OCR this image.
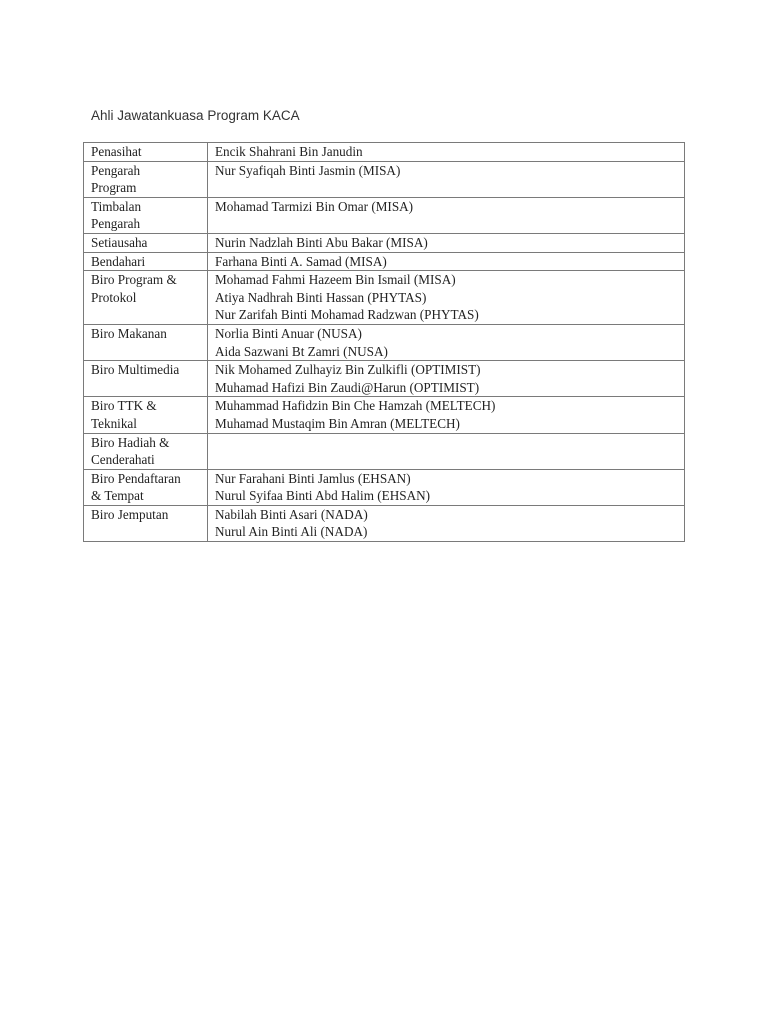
Ahli Jawatankuasa Program KACA
Penasihat	Encik Shahrani Bin Janudin

Pengarah
Program	Nur Syafiqah Binti Jasmin (MISA)

Timbalan
Pengarah	Mohamad Tarmizi Bin Omar (MISA)

Setiausaha	Nurin Nadzlah Binti Abu Bakar (MISA)

Bendahari	Farhana Binti A. Samad (MISA)

Biro Program &
Protokol	Mohamad Fahmi Hazeem Bin Ismail (MISA)
Atiya Nadhrah Binti Hassan (PHYTAS)
Nur Zarifah Binti Mohamad Radzwan (PHYTAS)

Biro Makanan	Norlia Binti Anuar (NUSA)
Aida Sazwani Bt Zamri (NUSA)

Biro Multimedia	Nik Mohamed Zulhayiz Bin Zulkifli (OPTIMIST)
Muhamad Hafizi Bin Zaudi@Harun (OPTIMIST)

Biro TTK &
Teknikal	Muhammad Hafidzin Bin Che Hamzah (MELTECH)
Muhamad Mustaqim Bin Amran (MELTECH)

Biro Hadiah &
Cenderahati	

Biro Pendaftaran
& Tempat	Nur Farahani Binti Jamlus (EHSAN)
Nurul Syifaa Binti Abd Halim (EHSAN)

Biro Jemputan	Nabilah Binti Asari (NADA)
Nurul Ain Binti Ali (NADA)
